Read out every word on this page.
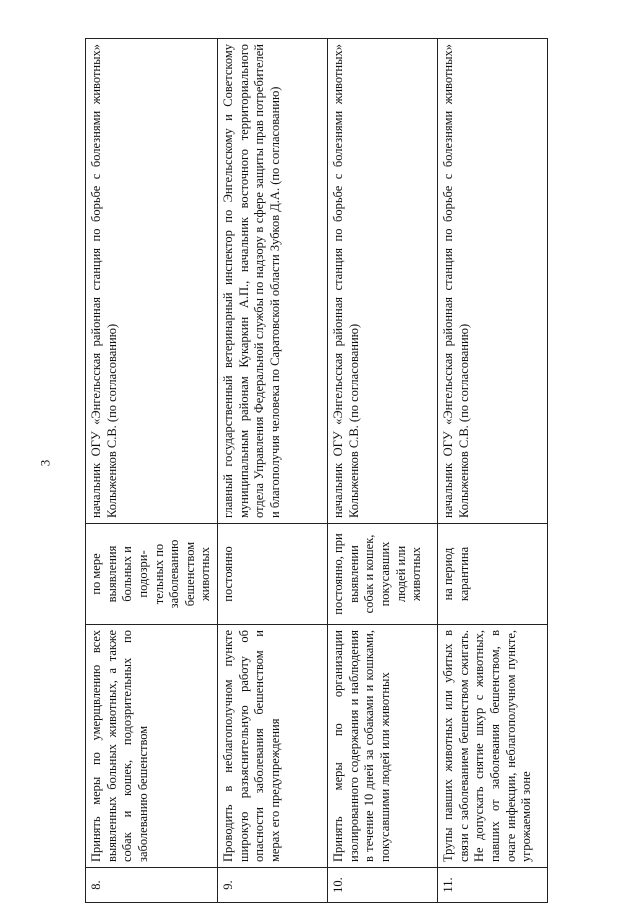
3
8.	Принять меры по умерщвлению всех выявленных больных животных, а также собак и кошек, подозрительных по заболеванию бешенством	по мере выявления больных и подозри-тельных по заболеванию бешенством животных	начальник ОГУ «Энгельсская районная станция по борьбе с болезнями животных» Колыженков С.В. (по согласованию)
9.	Проводить в неблагополучном пункте широкую разъяснительную работу об опасности заболевания бешенством и мерах его предупреждения	постоянно	главный государственный ветеринарный инспектор по Энгельсскому и Советскому муниципальным районам Кукаркин А.П., начальник восточного территориального отдела Управления Федеральной службы по надзору в сфере защиты прав потребителей и благополучия человека по Саратовской области Зубков Д.А. (по согласованию)
10.	Принять меры по организации изолированного содержания и наблюдения в течение 10 дней за собаками и кошками, покусавшими людей или животных	постоянно, при выявлении собак и кошек, покусавших людей или животных	начальник ОГУ «Энгельсская районная станция по борьбе с болезнями животных» Колыженков С.В. (по согласованию)
11.	Трупы павших животных или убитых в связи с заболеванием бешенством сжигать. Не допускать снятие шкур с животных, павших от заболевания бешенством, в очаге инфекции, неблагополучном пункте, угрожаемой зоне	на период карантина	начальник ОГУ «Энгельсская районная станция по борьбе с болезнями животных» Колыженков С.В. (по согласованию)
